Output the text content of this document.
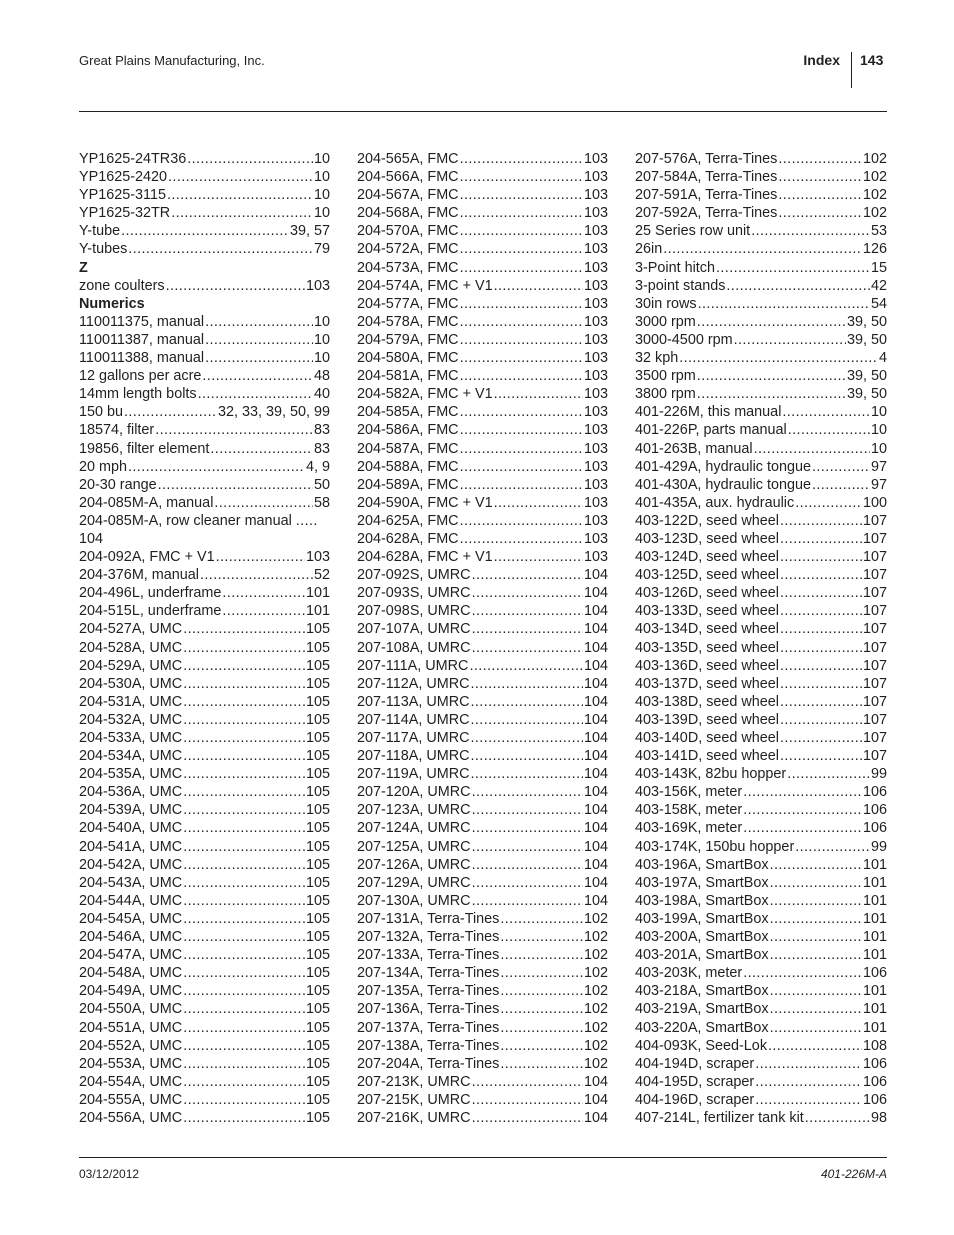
Great Plains Manufacturing, Inc.	Index 143
YP1625-24TR36 .....	10
YP1625-2420 .....	10
YP1625-3115 .....	10
YP1625-32TR .....	10
Y-tube .....	39, 57
Y-tubes .....	79
Z
zone coulters .....	103
Numerics
110011375, manual .....	10
110011387, manual .....	10
110011388, manual .....	10
12 gallons per acre .....	48
14mm length bolts .....	40
150 bu .....	32, 33, 39, 50, 99
18574, filter .....	83
19856, filter element .....	83
20 mph .....	4, 9
20-30 range .....	50
204-085M-A, manual .....	58
204-085M-A, row cleaner manual.....
104
204-092A, FMC + V1 .....	103
204-376M, manual .....	52
204-496L, underframe .....	101
204-515L, underframe .....	101
204-527A, UMC .....	105
204-528A, UMC .....	105
204-529A, UMC .....	105
204-530A, UMC .....	105
204-531A, UMC .....	105
204-532A, UMC .....	105
204-533A, UMC .....	105
204-534A, UMC .....	105
204-535A, UMC .....	105
204-536A, UMC .....	105
204-539A, UMC .....	105
204-540A, UMC .....	105
204-541A, UMC .....	105
204-542A, UMC .....	105
204-543A, UMC .....	105
204-544A, UMC .....	105
204-545A, UMC .....	105
204-546A, UMC .....	105
204-547A, UMC .....	105
204-548A, UMC .....	105
204-549A, UMC .....	105
204-550A, UMC .....	105
204-551A, UMC .....	105
204-552A, UMC .....	105
204-553A, UMC .....	105
204-554A, UMC .....	105
204-555A, UMC .....	105
204-556A, UMC .....	105
204-565A, FMC .....	103
204-566A, FMC .....	103
204-567A, FMC .....	103
204-568A, FMC .....	103
204-570A, FMC .....	103
204-572A, FMC .....	103
204-573A, FMC .....	103
204-574A, FMC + V1 .....	103
204-577A, FMC .....	103
204-578A, FMC .....	103
204-579A, FMC .....	103
204-580A, FMC .....	103
204-581A, FMC .....	103
204-582A, FMC + V1 .....	103
204-585A, FMC .....	103
204-586A, FMC .....	103
204-587A, FMC .....	103
204-588A, FMC .....	103
204-589A, FMC .....	103
204-590A, FMC + V1 .....	103
204-625A, FMC .....	103
204-628A, FMC .....	103
204-628A, FMC + V1 .....	103
207-092S, UMRC .....	104
207-093S, UMRC .....	104
207-098S, UMRC .....	104
207-107A, UMRC .....	104
207-108A, UMRC .....	104
207-111A, UMRC .....	104
207-112A, UMRC .....	104
207-113A, UMRC .....	104
207-114A, UMRC .....	104
207-117A, UMRC .....	104
207-118A, UMRC .....	104
207-119A, UMRC .....	104
207-120A, UMRC .....	104
207-123A, UMRC .....	104
207-124A, UMRC .....	104
207-125A, UMRC .....	104
207-126A, UMRC .....	104
207-129A, UMRC .....	104
207-130A, UMRC .....	104
207-131A, Terra-Tines .....	102
207-132A, Terra-Tines .....	102
207-133A, Terra-Tines .....	102
207-134A, Terra-Tines .....	102
207-135A, Terra-Tines .....	102
207-136A, Terra-Tines .....	102
207-137A, Terra-Tines .....	102
207-138A, Terra-Tines .....	102
207-204A, Terra-Tines .....	102
207-213K, UMRC .....	104
207-215K, UMRC .....	104
207-216K, UMRC .....	104
207-576A, Terra-Tines .....	102
207-584A, Terra-Tines .....	102
207-591A, Terra-Tines .....	102
207-592A, Terra-Tines .....	102
25 Series row unit .....	53
26in .....	126
3-Point hitch .....	15
3-point stands .....	42
30in rows .....	54
3000 rpm .....	39, 50
3000-4500 rpm .....	39, 50
32 kph .....	4
3500 rpm .....	39, 50
3800 rpm .....	39, 50
401-226M, this manual .....	10
401-226P, parts manual .....	10
401-263B, manual .....	10
401-429A, hydraulic tongue .....	97
401-430A, hydraulic tongue .....	97
401-435A, aux. hydraulic .....	100
403-122D, seed wheel .....	107
403-123D, seed wheel .....	107
403-124D, seed wheel .....	107
403-125D, seed wheel .....	107
403-126D, seed wheel .....	107
403-133D, seed wheel .....	107
403-134D, seed wheel .....	107
403-135D, seed wheel .....	107
403-136D, seed wheel .....	107
403-137D, seed wheel .....	107
403-138D, seed wheel .....	107
403-139D, seed wheel .....	107
403-140D, seed wheel .....	107
403-141D, seed wheel .....	107
403-143K, 82bu hopper .....	99
403-156K, meter .....	106
403-158K, meter .....	106
403-169K, meter .....	106
403-174K, 150bu hopper .....	99
403-196A, SmartBox .....	101
403-197A, SmartBox .....	101
403-198A, SmartBox .....	101
403-199A, SmartBox .....	101
403-200A, SmartBox .....	101
403-201A, SmartBox .....	101
403-203K, meter .....	106
403-218A, SmartBox .....	101
403-219A, SmartBox .....	101
403-220A, SmartBox .....	101
404-093K, Seed-Lok .....	108
404-194D, scraper .....	106
404-195D, scraper .....	106
404-196D, scraper .....	106
407-214L, fertilizer tank kit .....	98
03/12/2012	401-226M-A
